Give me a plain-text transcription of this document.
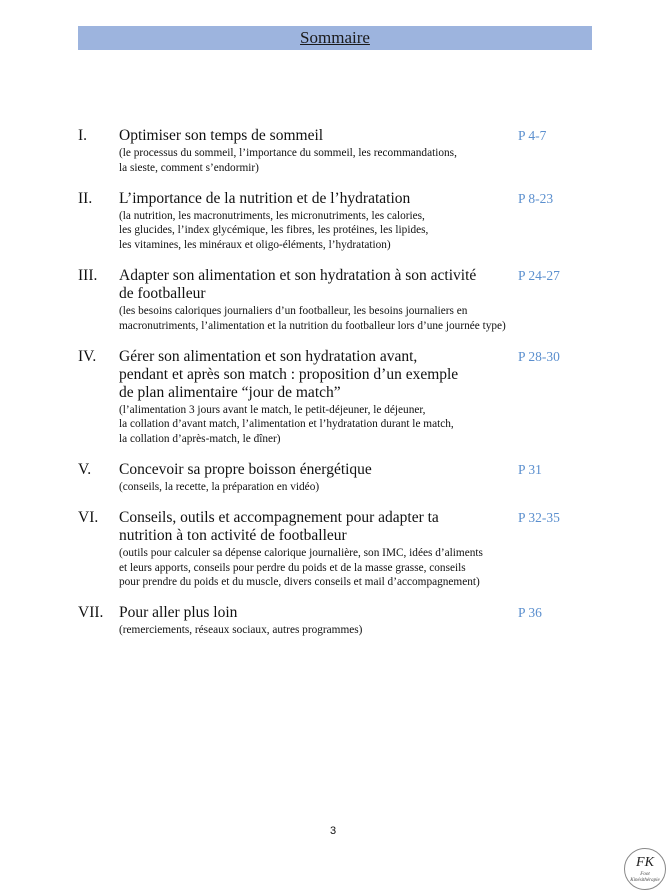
Sommaire
I. Optimiser son temps de sommeil
(le processus du sommeil, l’importance du sommeil, les recommandations,
la sieste, comment s’endormir)
P 4-7
II. L’importance de la nutrition et de l’hydratation
(la nutrition, les macronutriments, les micronutriments, les calories,
les glucides, l’index glycémique, les fibres, les protéines, les lipides,
les vitamines, les minéraux et oligo-éléments, l’hydratation)
P 8-23
III. Adapter son alimentation et son hydratation à son activité
de footballeur
(les besoins caloriques journaliers d’un footballeur, les besoins journaliers en
macronutriments, l’alimentation et la nutrition du footballeur lors d’une journée type)
P 24-27
IV. Gérer son alimentation et son hydratation avant,
pendant et après son match : proposition d’un exemple
de plan alimentaire “jour de match”
(l’alimentation 3 jours avant le match, le petit-déjeuner, le déjeuner,
la collation d’avant match, l’alimentation et l’hydratation durant le match,
la collation d’après-match, le dîner)
P 28-30
V. Concevoir sa propre boisson énergétique
(conseils, la recette, la préparation en vidéo)
P 31
VI. Conseils, outils et accompagnement pour adapter ta
nutrition à ton activité de footballeur
(outils pour calculer sa dépense calorique journalière, son IMC, idées d’aliments
et leurs apports, conseils pour perdre du poids et de la masse grasse, conseils
pour prendre du poids et du muscle, divers conseils et mail d’accompagnement)
P 32-35
VII. Pour aller plus loin
(remerciements, réseaux sociaux, autres programmes)
P 36
3
FK
Foot Kinésithérapie
